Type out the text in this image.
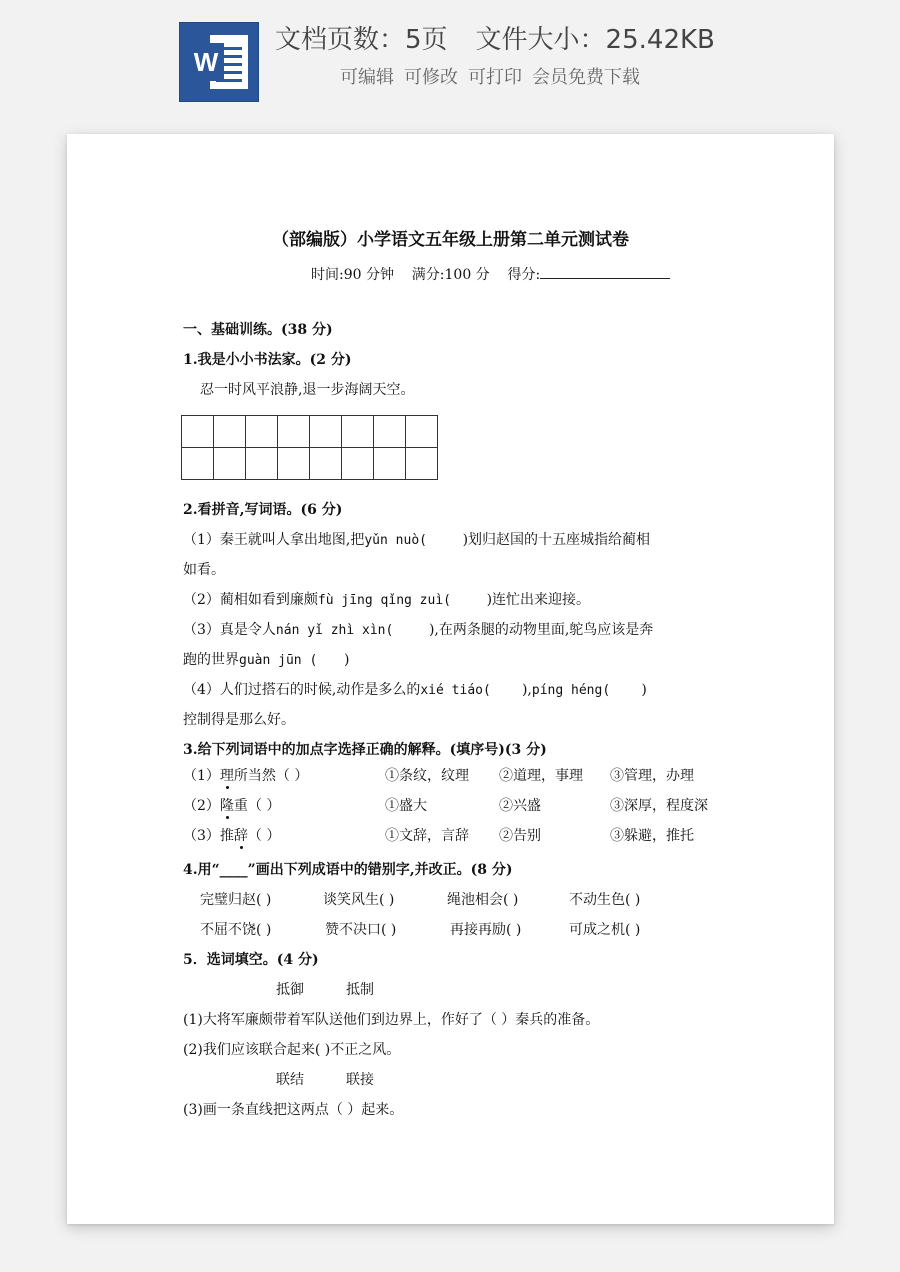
W
文档页数：5页 文件大小：25.42KB
可编辑 可修改 可打印 会员免费下载
（部编版）小学语文五年级上册第二单元测试卷
时间:90 分钟 满分:100 分 得分:
一、基础训练。(38 分)
1.我是小小书法家。(2 分)
忍一时风平浪静,退一步海阔天空。

2.看拼音,写词语。(6 分)
（1）秦王就叫人拿出地图,把yǔn nuò(	)划归赵国的十五座城指给蔺相
如看。
（2）蔺相如看到廉颇fù jīng qǐng zuì(	)连忙出来迎接。
（3）真是令人nán yǐ zhì xìn(	),在两条腿的动物里面,鸵鸟应该是奔
跑的世界guàn jūn ( )
（4）人们过搭石的时候,动作是多么的xié tiáo( ),píng héng( )
控制得是那么好。
3.给下列词语中的加点字选择正确的解释。(填序号)(3 分)
（1）理所当然（ ）	①条纹，纹理 ②道理，事理 ③管理，办理
（2）隆重（ ）	①盛大	②兴盛	③深厚，程度深
（3）推辞（ ）	①文辞，言辞 ②告别	③躲避，推托
4.用“____”画出下列成语中的错别字,并改正。(8 分)
完璧归赵( )	谈笑风生( )	绳池相会( )	不动生色( )
不屈不饶( )	赞不决口( )	再接再励( )	可成之机( )
5．选词填空。(4 分)
抵御	抵制
(1)大将军廉颇带着军队送他们到边界上，作好了（ ）秦兵的准备。
(2)我们应该联合起来( )不正之风。
联结	联接
(3)画一条直线把这两点（ ）起来。
